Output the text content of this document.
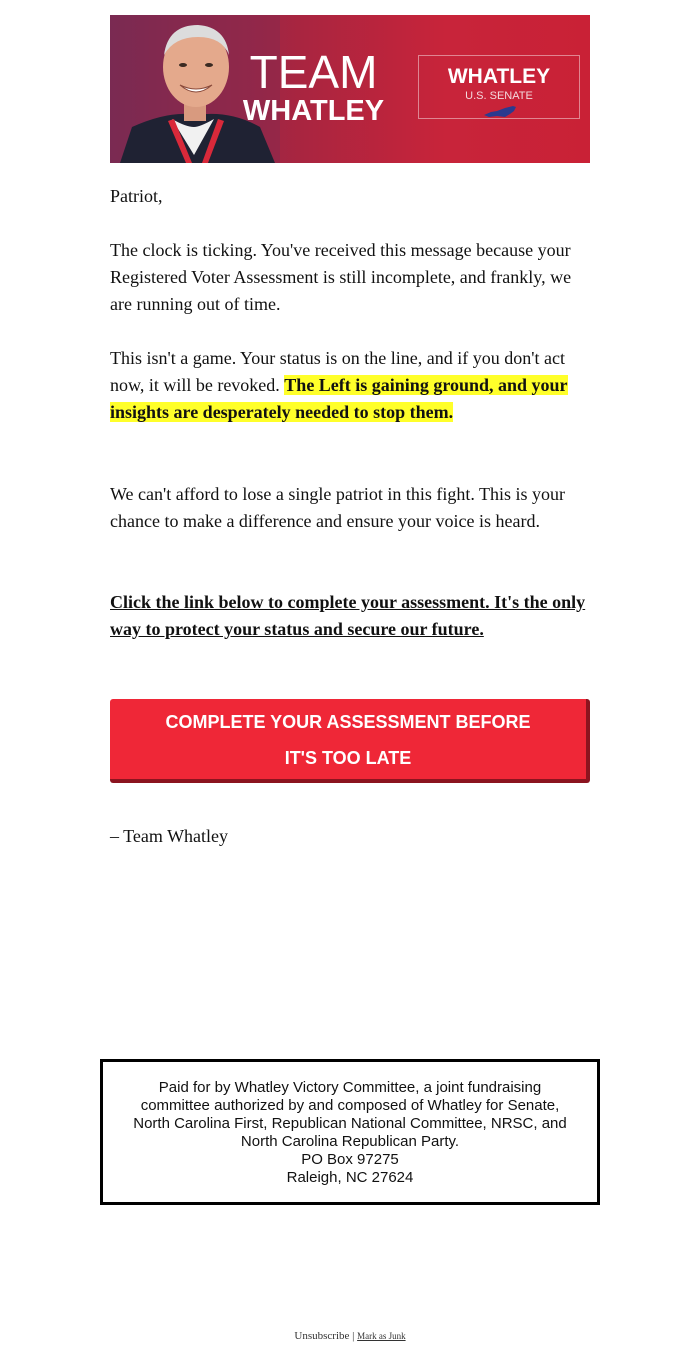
TEAM
WHATLEY
WHATLEY
U.S. SENATE

Patriot,

The clock is ticking. You've received this message because your Registered Voter Assessment is still incomplete, and frankly, we are running out of time.

This isn't a game. Your status is on the line, and if you don't act now, it will be revoked. The Left is gaining ground, and your insights are desperately needed to stop them.

We can't afford to lose a single patriot in this fight. This is your chance to make a difference and ensure your voice is heard.

Click the link below to complete your assessment. It's the only way to protect your status and secure our future.

COMPLETE YOUR ASSESSMENT BEFORE
IT'S TOO LATE

– Team Whatley

Paid for by Whatley Victory Committee, a joint fundraising committee authorized by and composed of Whatley for Senate, North Carolina First, Republican National Committee, NRSC, and North Carolina Republican Party.
PO Box 97275
Raleigh, NC 27624
Unsubscribe | Mark as Junk
